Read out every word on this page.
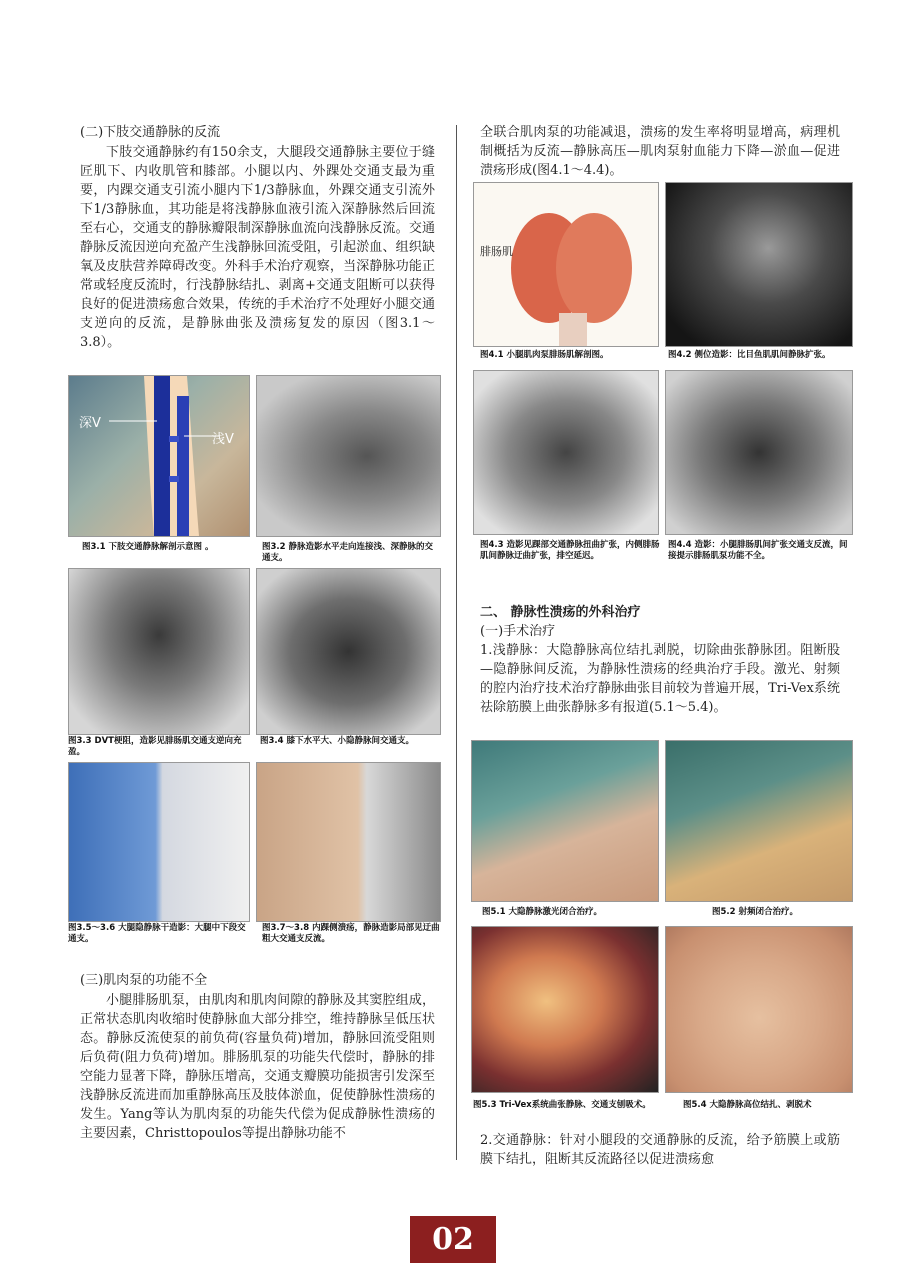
(二)下肢交通静脉的反流

下肢交通静脉约有150余支，大腿段交通静脉主要位于缝匠肌下、内收肌管和膝部。小腿以内、外踝处交通支最为重要，内踝交通支引流小腿内下1/3静脉血，外踝交通支引流外下1/3静脉血，其功能是将浅静脉血液引流入深静脉然后回流至右心，交通支的静脉瓣限制深静脉血流向浅静脉反流。交通静脉反流因逆向充盈产生浅静脉回流受阻，引起淤血、组织缺氧及皮肤营养障碍改变。外科手术治疗观察，当深静脉功能正常或轻度反流时，行浅静脉结扎、剥离+交通支阻断可以获得良好的促进溃疡愈合效果，传统的手术治疗不处理好小腿交通支逆向的反流，是静脉曲张及溃疡复发的原因（图3.1～3.8）。

深V
浅V
图3.1 下肢交通静脉解剖示意图 。	图3.2 静脉造影水平走向连接浅、深静脉的交通支。
图3.3 DVT梗阻，造影见腓肠肌交通支逆向充盈。
图3.4 膝下水平大、小隐静脉间交通支。
图3.5～3.6 大腿隐静脉干造影：大腿中下段交通支。
图3.7～3.8 内踝侧溃疡，静脉造影局部见迂曲粗大交通支反流。
(三)肌肉泵的功能不全

小腿腓肠肌泵，由肌肉和肌肉间隙的静脉及其窦腔组成，正常状态肌肉收缩时使静脉血大部分排空，维持静脉呈低压状态。静脉反流使泵的前负荷(容量负荷)增加，静脉回流受阻则后负荷(阻力负荷)增加。腓肠肌泵的功能失代偿时，静脉的排空能力显著下降，静脉压增高，交通支瓣膜功能损害引发深至浅静脉反流进而加重静脉高压及肢体淤血，促使静脉性溃疡的发生。Yang等认为肌肉泵的功能失代偿为促成静脉性溃疡的主要因素，Christtopoulos等提出静脉功能不

全联合肌肉泵的功能减退，溃疡的发生率将明显增高，病理机制概括为反流—静脉高压—肌肉泵射血能力下降—淤血—促进溃疡形成(图4.1～4.4)。

腓肠肌
图4.1 小腿肌肉泵腓肠肌解剖图。	图4.2 侧位造影：比目鱼肌肌间静脉扩张。
图4.3 造影见踝部交通静脉扭曲扩张，内侧腓肠肌间静脉迂曲扩张，排空延迟。
图4.4 造影：小腿腓肠肌间扩张交通支反流，间接提示腓肠肌泵功能不全。
二、 静脉性溃疡的外科治疗
(一)手术治疗

1.浅静脉：大隐静脉高位结扎剥脱，切除曲张静脉团。阻断股—隐静脉间反流，为静脉性溃疡的经典治疗手段。激光、射频的腔内治疗技术治疗静脉曲张目前较为普遍开展，Tri-Vex系统祛除筋膜上曲张静脉多有报道(5.1～5.4)。

图5.1 大隐静脉激光闭合治疗。	图5.2 射频闭合治疗。
图5.3 Tri-Vex系统曲张静脉、交通支刨吸术。	图5.4 大隐静脉高位结扎、剥脱术

2.交通静脉：针对小腿段的交通静脉的反流，给予筋膜上或筋膜下结扎，阻断其反流路径以促进溃疡愈

02
